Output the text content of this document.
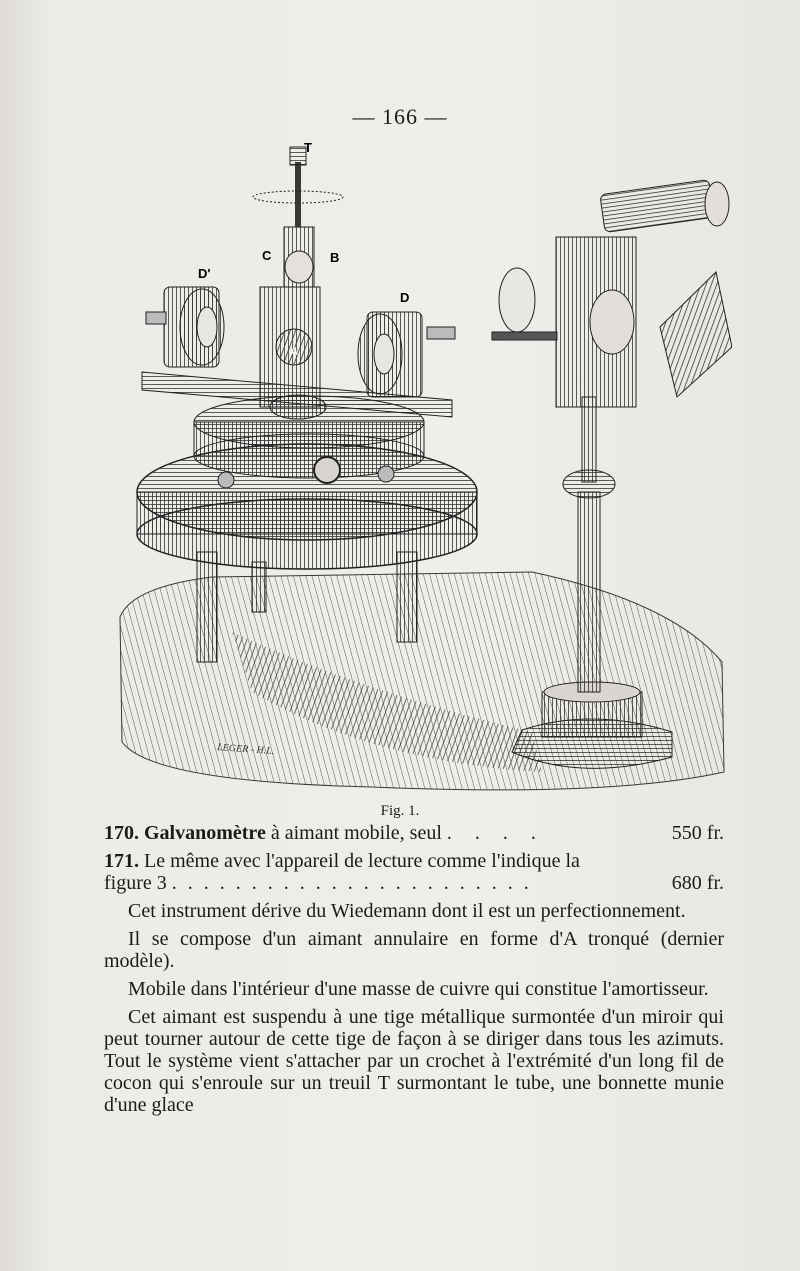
— 166 —
T
C	B
A
D'
D
LEGER - H.L.
Fig. 1.
170. Galvanomètre à aimant mobile, seul . . . .	550 fr.
171. Le même avec l'appareil de lecture comme l'indique la
figure 3 . . . . . . . . . . . . . . . . . . . . . . .	680 fr.

Cet instrument dérive du Wiedemann dont il est un perfectionnement.

Il se compose d'un aimant annulaire en forme d'A tronqué (dernier modèle).

Mobile dans l'intérieur d'une masse de cuivre qui constitue l'amortisseur.

Cet aimant est suspendu à une tige métallique surmontée d'un miroir qui peut tourner autour de cette tige de façon à se diriger dans tous les azimuts. Tout le système vient s'attacher par un crochet à l'extrémité d'un long fil de cocon qui s'enroule sur un treuil T surmontant le tube, une bonnette munie d'une glace
